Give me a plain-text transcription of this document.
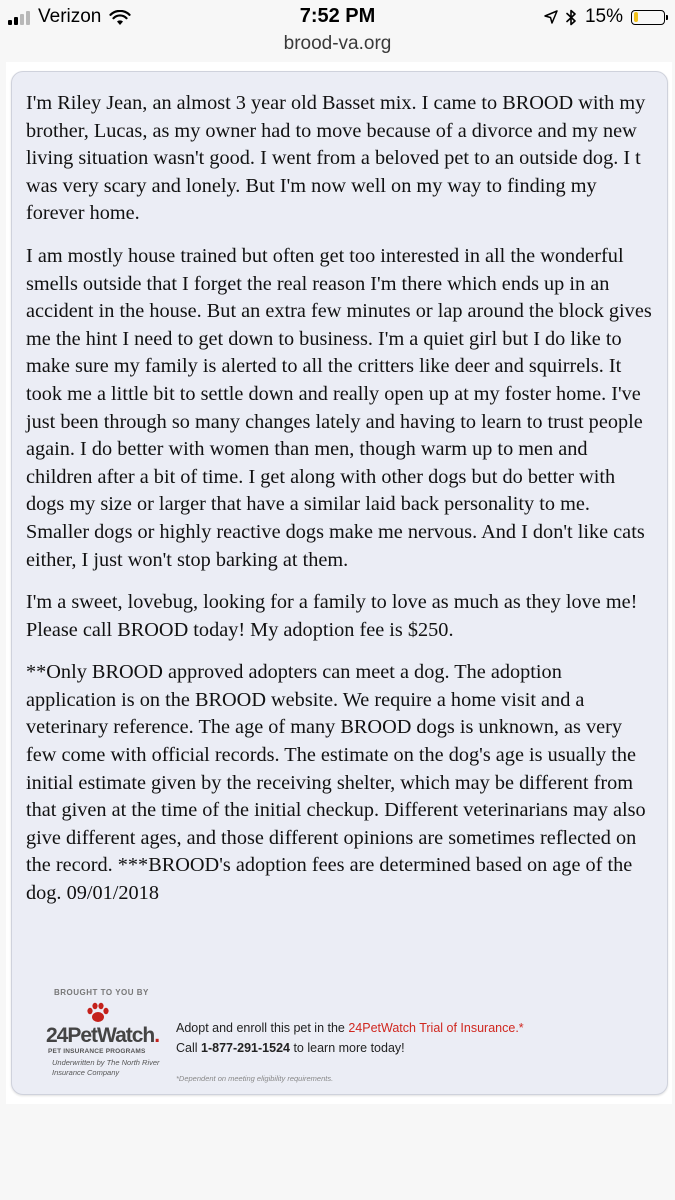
Verizon	7:52 PM	15%
brood-va.org

I'm Riley Jean, an almost 3 year old Basset mix. I came to BROOD with my brother, Lucas, as my owner had to move because of a divorce and my new living situation wasn't good. I went from a beloved pet to an outside dog. I t was very scary and lonely. But I'm now well on my way to finding my forever home.

I am mostly house trained but often get too interested in all the wonderful smells outside that I forget the real reason I'm there which ends up in an accident in the house. But an extra few minutes or lap around the block gives me the hint I need to get down to business. I'm a quiet girl but I do like to make sure my family is alerted to all the critters like deer and squirrels. It took me a little bit to settle down and really open up at my foster home. I've just been through so many changes lately and having to learn to trust people again. I do better with women than men, though warm up to men and children after a bit of time. I get along with other dogs but do better with dogs my size or larger that have a similar laid back personality to me. Smaller dogs or highly reactive dogs make me nervous. And I don't like cats either, I just won't stop barking at them.

I'm a sweet, lovebug, looking for a family to love as much as they love me! Please call BROOD today! My adoption fee is $250.

**Only BROOD approved adopters can meet a dog. The adoption application is on the BROOD website. We require a home visit and a veterinary reference. The age of many BROOD dogs is unknown, as very few come with official records. The estimate on the dog's age is usually the initial estimate given by the receiving shelter, which may be different from that given at the time of the initial checkup. Different veterinarians may also give different ages, and those different opinions are sometimes reflected on the record. ***BROOD's adoption fees are determined based on age of the dog. 09/01/2018

BROUGHT TO YOU BY
24PetWatch.
PET INSURANCE PROGRAMS
Underwritten by The North River Insurance Company
Adopt and enroll this pet in the 24PetWatch Trial of Insurance.*
Call 1-877-291-1524 to learn more today!
*Dependent on meeting eligibility requirements.
